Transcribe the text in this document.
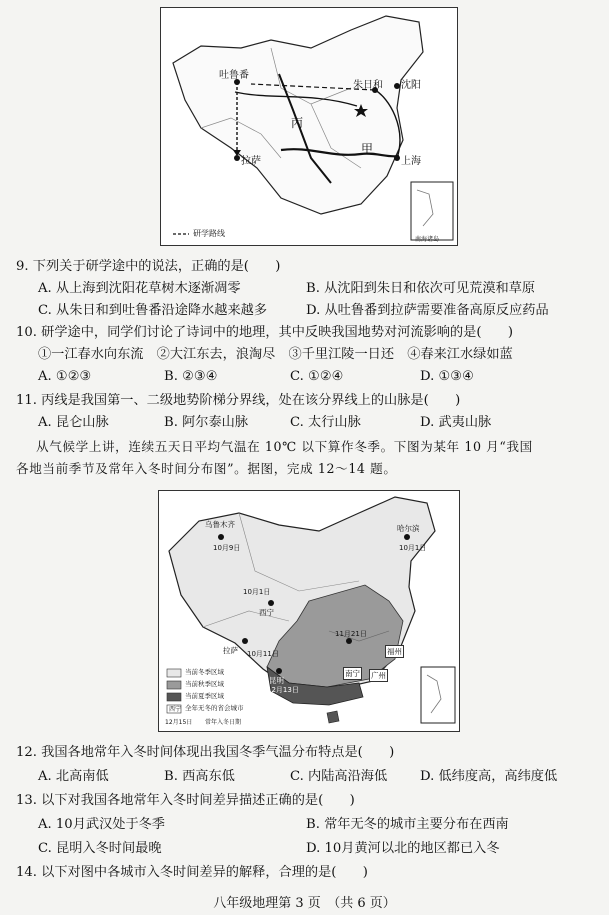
吐鲁番
朱日和 沈阳
丙
甲
拉萨	上海
研学路线
南海诸岛
9. 下列关于研学途中的说法，正确的是(　　)
A. 从上海到沈阳花草树木逐渐凋零	B. 从沈阳到朱日和依次可见荒漠和草原
C. 从朱日和到吐鲁番沿途降水越来越多	D. 从吐鲁番到拉萨需要准备高原反应药品
10. 研学途中，同学们讨论了诗词中的地理，其中反映我国地势对河流影响的是(　　)
①一江春水向东流　②大江东去，浪淘尽　③千里江陵一日还　④春来江水绿如蓝
A. ①②③	B. ②③④	C. ①②④	D. ①③④
11. 丙线是我国第一、二级地势阶梯分界线，处在该分界线上的山脉是(　　)
A. 昆仑山脉	B. 阿尔泰山脉	C. 太行山脉	D. 武夷山脉
从气候学上讲，连续五天日平均气温在 10℃ 以下算作冬季。下图为某年 10 月“我国
各地当前季节及常年入冬时间分布图”。据图，完成 12～14 题。
乌鲁木齐
10月9日
哈尔滨
10月1日
10月1日
西宁
拉萨 10月11日
11月21日
昆明
12月13日
南宁 广州
福州
当前冬季区域
当前秋季区域
当前夏季区域
西宁 全年无冬的省会城市
12月15日 常年入冬日期
12. 我国各地常年入冬时间体现出我国冬季气温分布特点是(　　)
A. 北高南低	B. 西高东低	C. 内陆高沿海低 D. 低纬度高，高纬度低
13. 以下对我国各地常年入冬时间差异描述正确的是(　　)
A. 10月武汉处于冬季	B. 常年无冬的城市主要分布在西南
C. 昆明入冬时间最晚	D. 10月黄河以北的地区都已入冬
14. 以下对图中各城市入冬时间差异的解释，合理的是(　　)
八年级地理第 3 页　（共 6 页）
